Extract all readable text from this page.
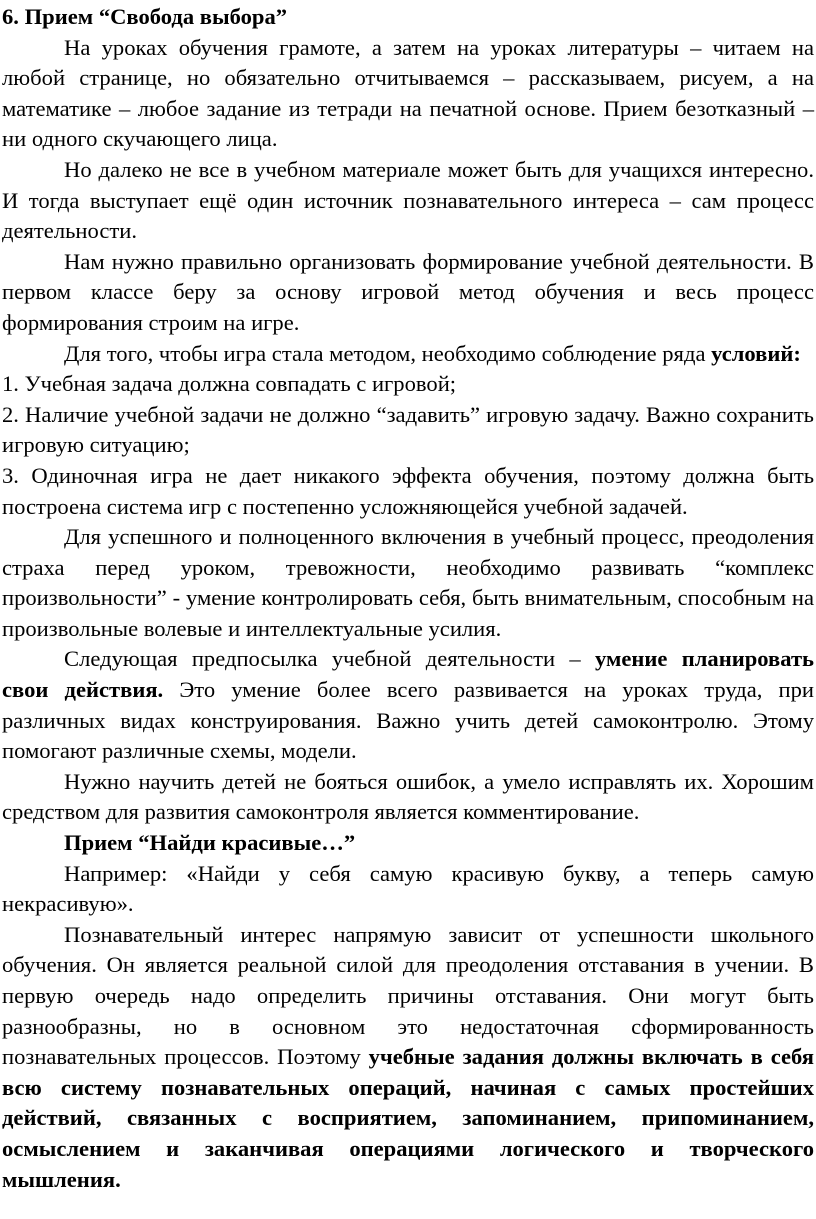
6. Прием “Свобода выбора”

На уроках обучения грамоте, а затем на уроках литературы – читаем на любой странице, но обязательно отчитываемся – рассказываем, рисуем, а на математике – любое задание из тетради на печатной основе. Прием безотказный – ни одного скучающего лица.

Но далеко не все в учебном материале может быть для учащихся интересно. И тогда выступает ещё один источник познавательного интереса – сам процесс деятельности.

Нам нужно правильно организовать формирование учебной деятельности. В первом классе беру за основу игровой метод обучения и весь процесс формирования строим на игре.

Для того, чтобы игра стала методом, необходимо соблюдение ряда условий:

1. Учебная задача должна совпадать с игровой;

2. Наличие учебной задачи не должно “задавить” игровую задачу. Важно сохранить игровую ситуацию;

3. Одиночная игра не дает никакого эффекта обучения, поэтому должна быть построена система игр с постепенно усложняющейся учебной задачей.

Для успешного и полноценного включения в учебный процесс, преодоления страха перед уроком, тревожности, необходимо развивать “комплекс произвольности” - умение контролировать себя, быть внимательным, способным на произвольные волевые и интеллектуальные усилия.

Следующая предпосылка учебной деятельности – умение планировать свои действия. Это умение более всего развивается на уроках труда, при различных видах конструирования. Важно учить детей самоконтролю. Этому помогают различные схемы, модели.

Нужно научить детей не бояться ошибок, а умело исправлять их. Хорошим средством для развития самоконтроля является комментирование.

Прием “Найди красивые…”

Например: «Найди у себя самую красивую букву, а теперь самую некрасивую».

Познавательный интерес напрямую зависит от успешности школьного обучения. Он является реальной силой для преодоления отставания в учении. В первую очередь надо определить причины отставания. Они могут быть разнообразны, но в основном это недостаточная сформированность познавательных процессов. Поэтому учебные задания должны включать в себя всю систему познавательных операций, начиная с самых простейших действий, связанных с восприятием, запоминанием, припоминанием, осмыслением и заканчивая операциями логического и творческого мышления.
